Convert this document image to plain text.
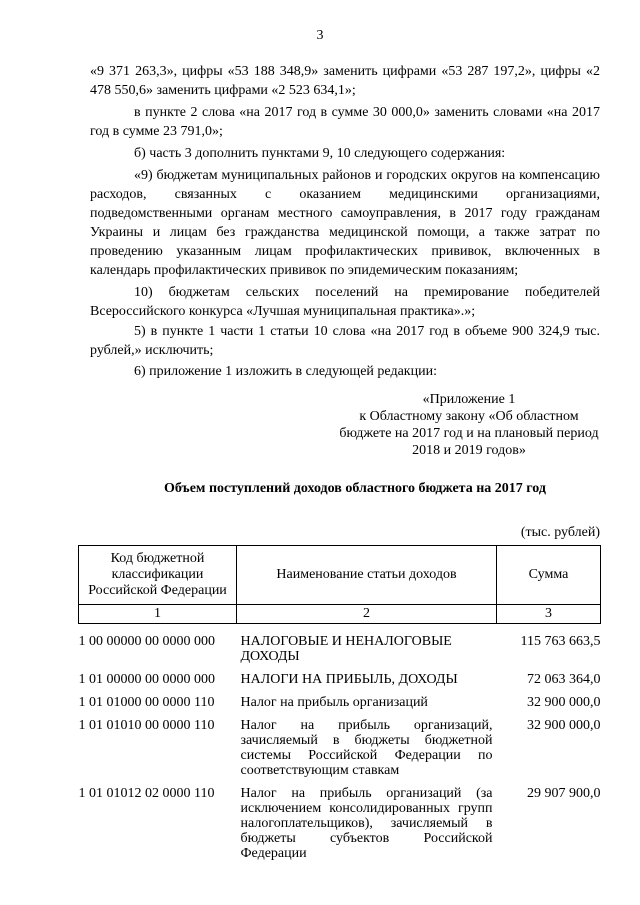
3

«9 371 263,3», цифры «53 188 348,9» заменить цифрами «53 287 197,2», цифры «2 478 550,6» заменить цифрами «2 523 634,1»;

в пункте 2 слова «на 2017 год в сумме 30 000,0» заменить словами «на 2017 год в сумме 23 791,0»;

б) часть 3 дополнить пунктами 9, 10 следующего содержания:

«9) бюджетам муниципальных районов и городских округов на компенсацию расходов, связанных с оказанием медицинскими организациями, подведомственными органам местного самоуправления, в 2017 году гражданам Украины и лицам без гражданства медицинской помощи, а также затрат по проведению указанным лицам профилактических прививок, включенных в календарь профилактических прививок по эпидемическим показаниям;

10) бюджетам сельских поселений на премирование победителей Всероссийского конкурса «Лучшая муниципальная практика».»;

5) в пункте 1 части 1 статьи 10 слова «на 2017 год в объеме 900 324,9 тыс. рублей,» исключить;

6) приложение 1 изложить в следующей редакции:

«Приложение 1
к Областному закону «Об областном бюджете на 2017 год и на плановый период 2018 и 2019 годов»
Объем поступлений доходов областного бюджета на 2017 год
(тыс. рублей)
Код бюджетной классификации Российской Федерации	Наименование статьи доходов	Сумма
1	2	3
1 00 00000 00 0000 000	НАЛОГОВЫЕ И НЕНАЛОГОВЫЕ ДОХОДЫ	115 763 663,5
1 01 00000 00 0000 000	НАЛОГИ НА ПРИБЫЛЬ, ДОХОДЫ	72 063 364,0
1 01 01000 00 0000 110	Налог на прибыль организаций	32 900 000,0
1 01 01010 00 0000 110	Налог на прибыль организаций, зачисляемый в бюджеты бюджетной системы Российской Федерации по соответствующим ставкам	32 900 000,0
1 01 01012 02 0000 110	Налог на прибыль организаций (за исключением консолидированных групп налогоплательщиков), зачисляемый в бюджеты субъектов Российской Федерации	29 907 900,0
